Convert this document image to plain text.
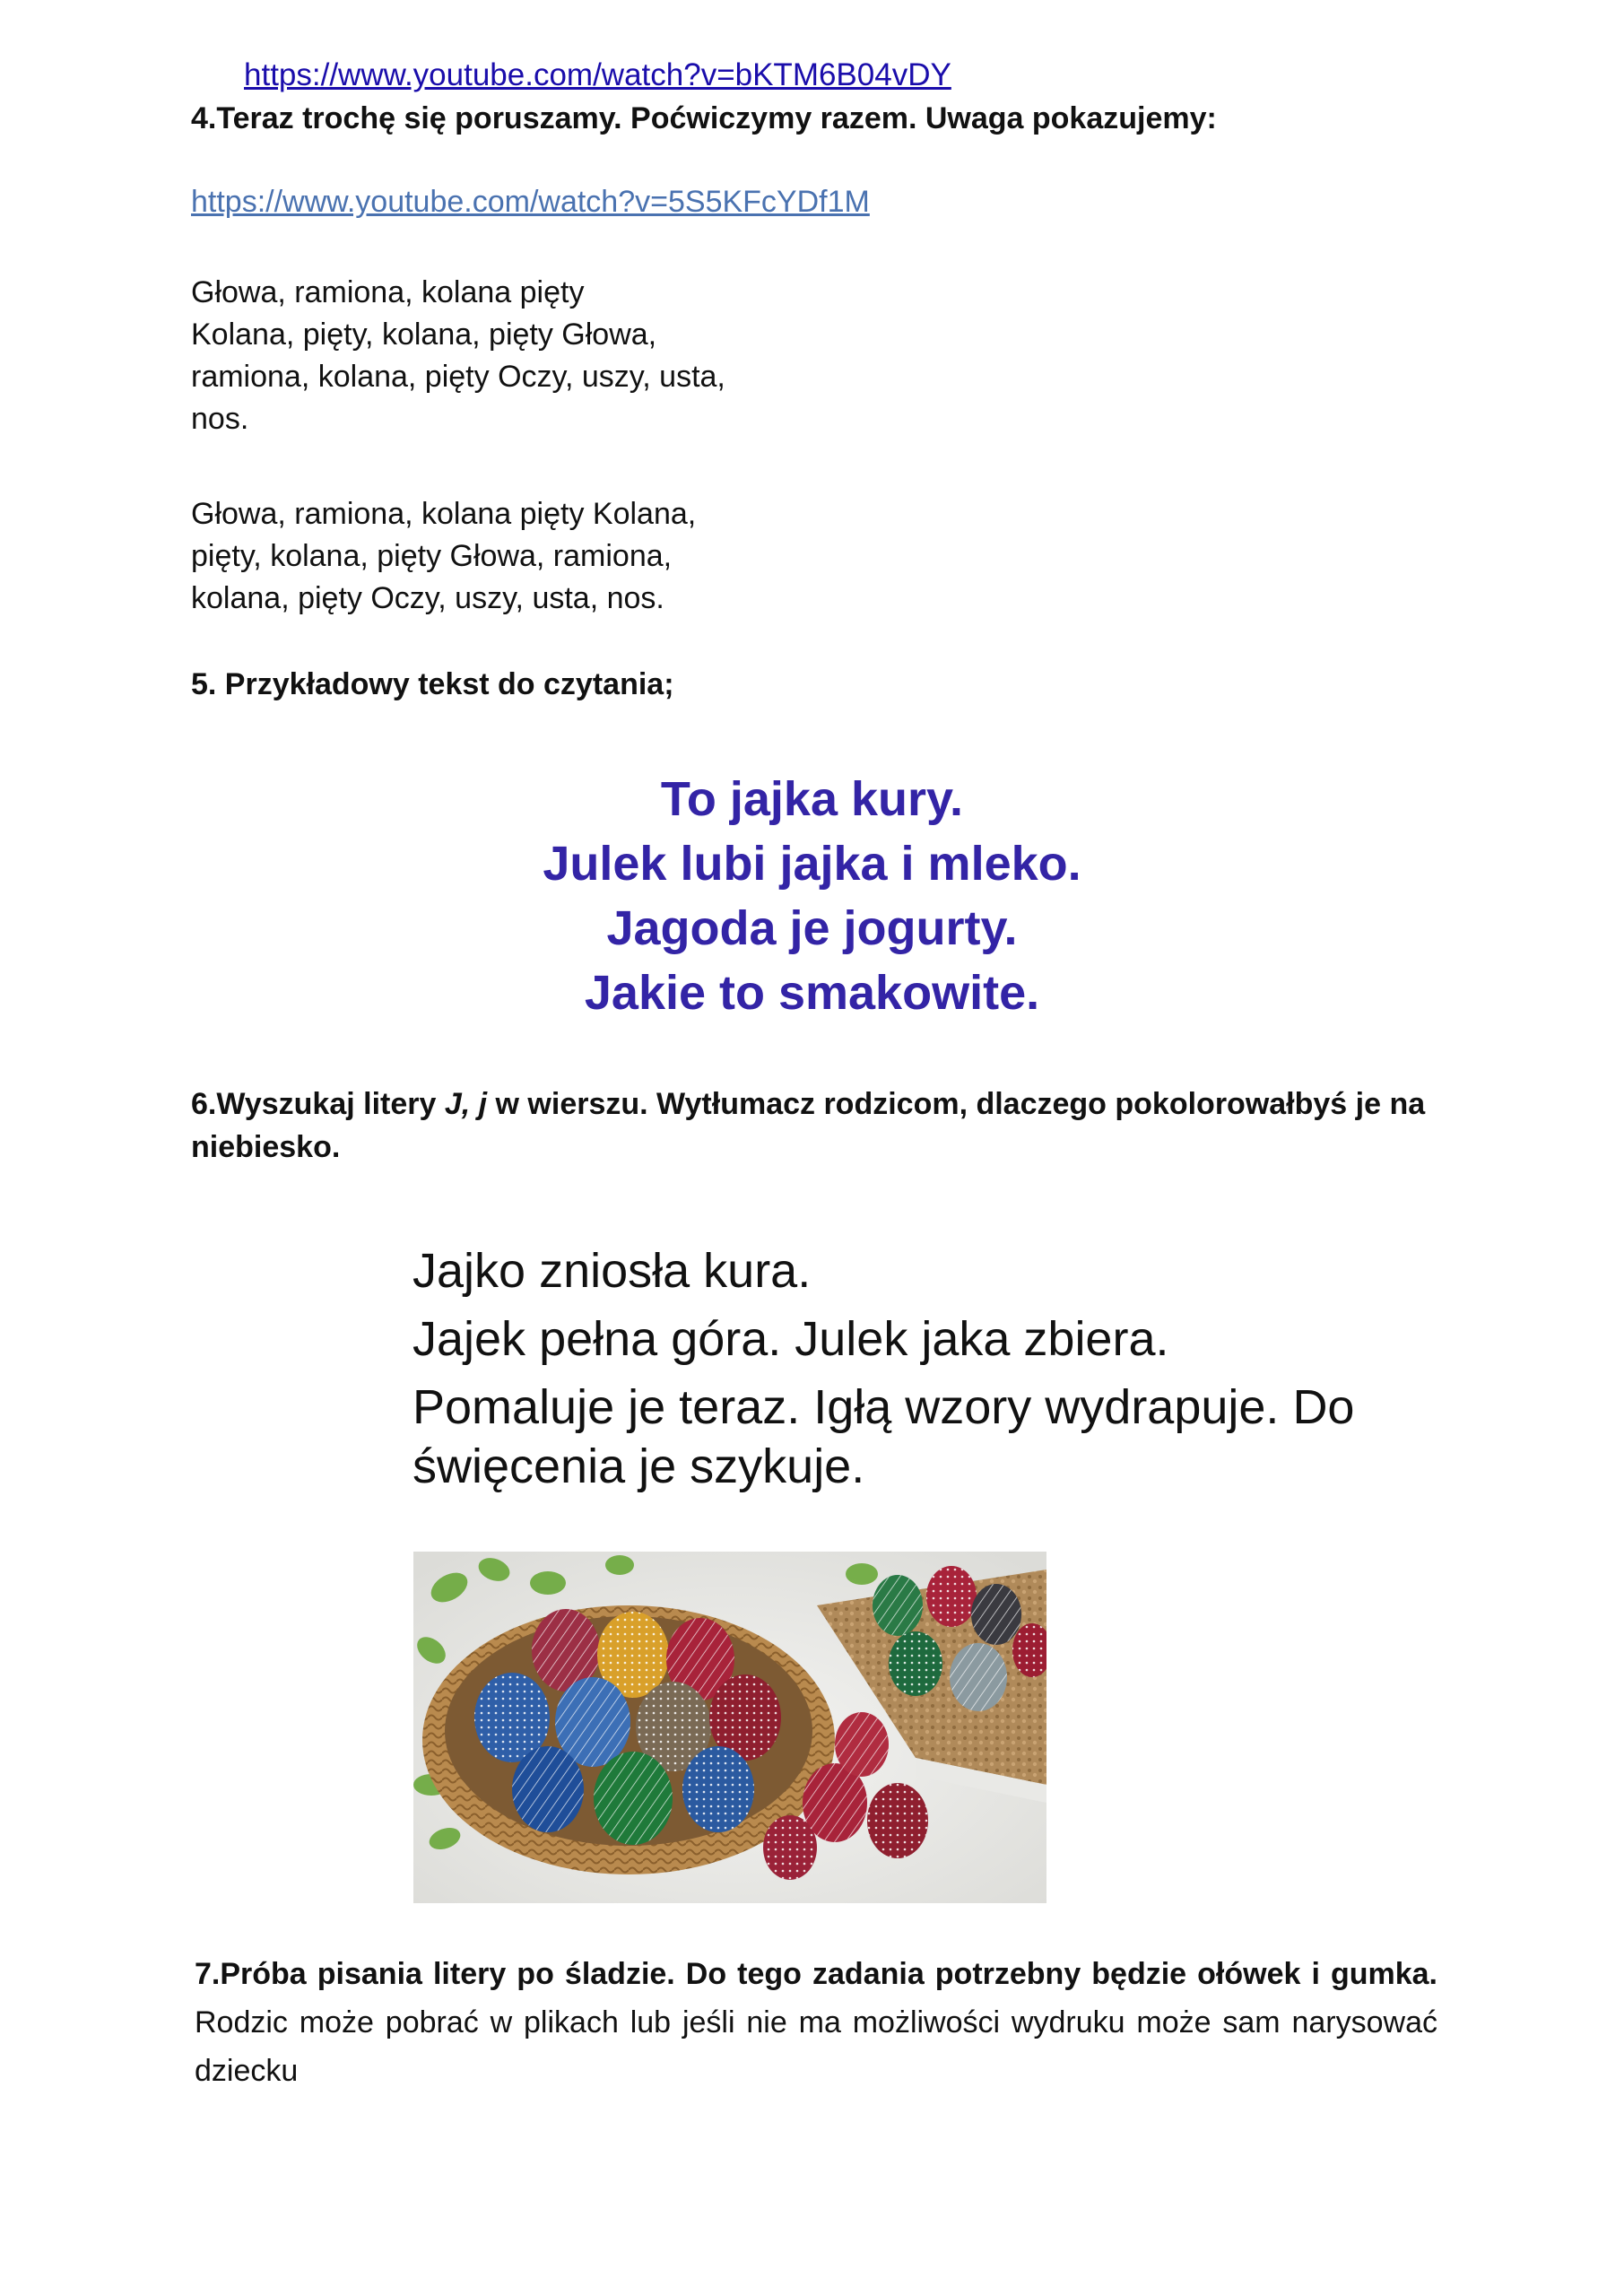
https://www.youtube.com/watch?v=bKTM6B04vDY
4.Teraz trochę się poruszamy. Poćwiczymy razem. Uwaga pokazujemy:
https://www.youtube.com/watch?v=5S5KFcYDf1M
Głowa, ramiona, kolana pięty
Kolana, pięty, kolana, pięty Głowa,
ramiona, kolana, pięty Oczy, uszy, usta,
nos.
Głowa, ramiona, kolana pięty Kolana,
pięty, kolana, pięty Głowa, ramiona,
kolana, pięty Oczy, uszy, usta, nos.
5. Przykładowy tekst do czytania;
To jajka kury.
Julek lubi jajka i mleko.
Jagoda je jogurty.
Jakie to smakowite.
6.Wyszukaj litery J, j w wierszu. Wytłumacz rodzicom, dlaczego pokolorowałbyś je na niebiesko.
Jajko zniosła kura.
Jajek pełna góra. Julek jaka zbiera.
Pomaluje je teraz. Igłą wzory wydrapuje. Do święcenia je szykuje.
7.Próba pisania litery po śladzie. Do tego zadania potrzebny będzie ołówek i gumka. Rodzic może pobrać w plikach lub jeśli nie ma możliwości wydruku może sam narysować dziecku
